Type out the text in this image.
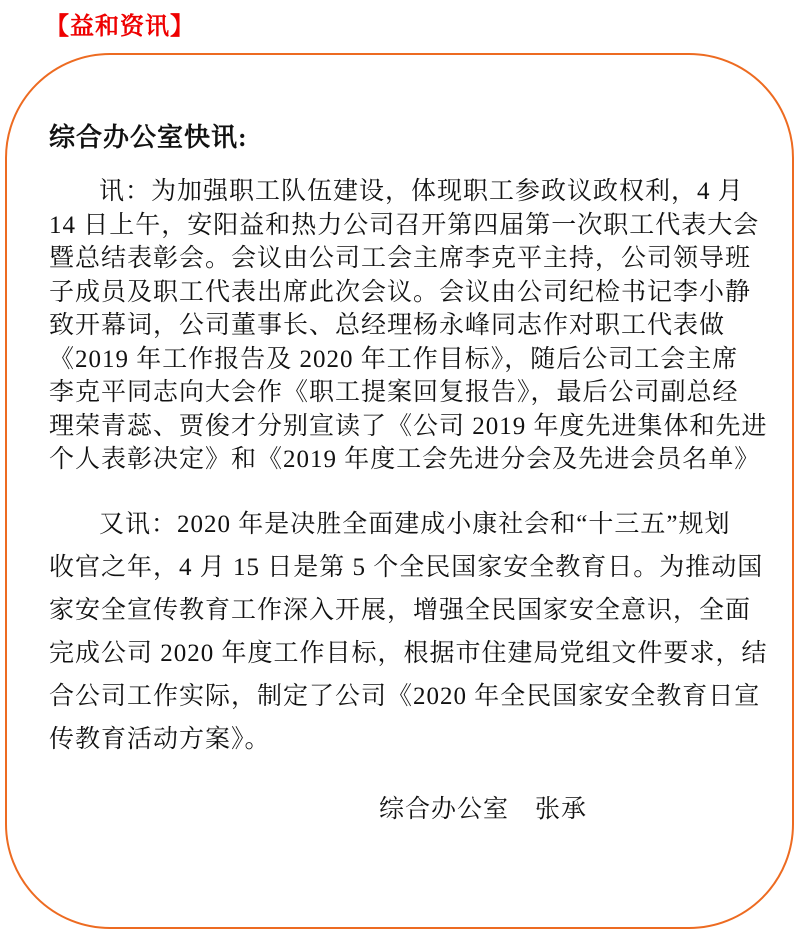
【益和资讯】
综合办公室快讯:
讯：为加强职工队伍建设，体现职工参政议政权利，4 月
14 日上午，安阳益和热力公司召开第四届第一次职工代表大会
暨总结表彰会。会议由公司工会主席李克平主持，公司领导班
子成员及职工代表出席此次会议。会议由公司纪检书记李小静
致开幕词，公司董事长、总经理杨永峰同志作对职工代表做
《2019 年工作报告及 2020 年工作目标》，随后公司工会主席
李克平同志向大会作《职工提案回复报告》，最后公司副总经
理荣青蕊、贾俊才分别宣读了《公司 2019 年度先进集体和先进
个人表彰决定》和《2019 年度工会先进分会及先进会员名单》
又讯：2020 年是决胜全面建成小康社会和“十三五”规划
收官之年，4 月 15 日是第 5 个全民国家安全教育日。为推动国
家安全宣传教育工作深入开展，增强全民国家安全意识，全面
完成公司 2020 年度工作目标，根据市住建局党组文件要求，结
合公司工作实际，制定了公司《2020 年全民国家安全教育日宣
传教育活动方案》。
综合办公室　张承
